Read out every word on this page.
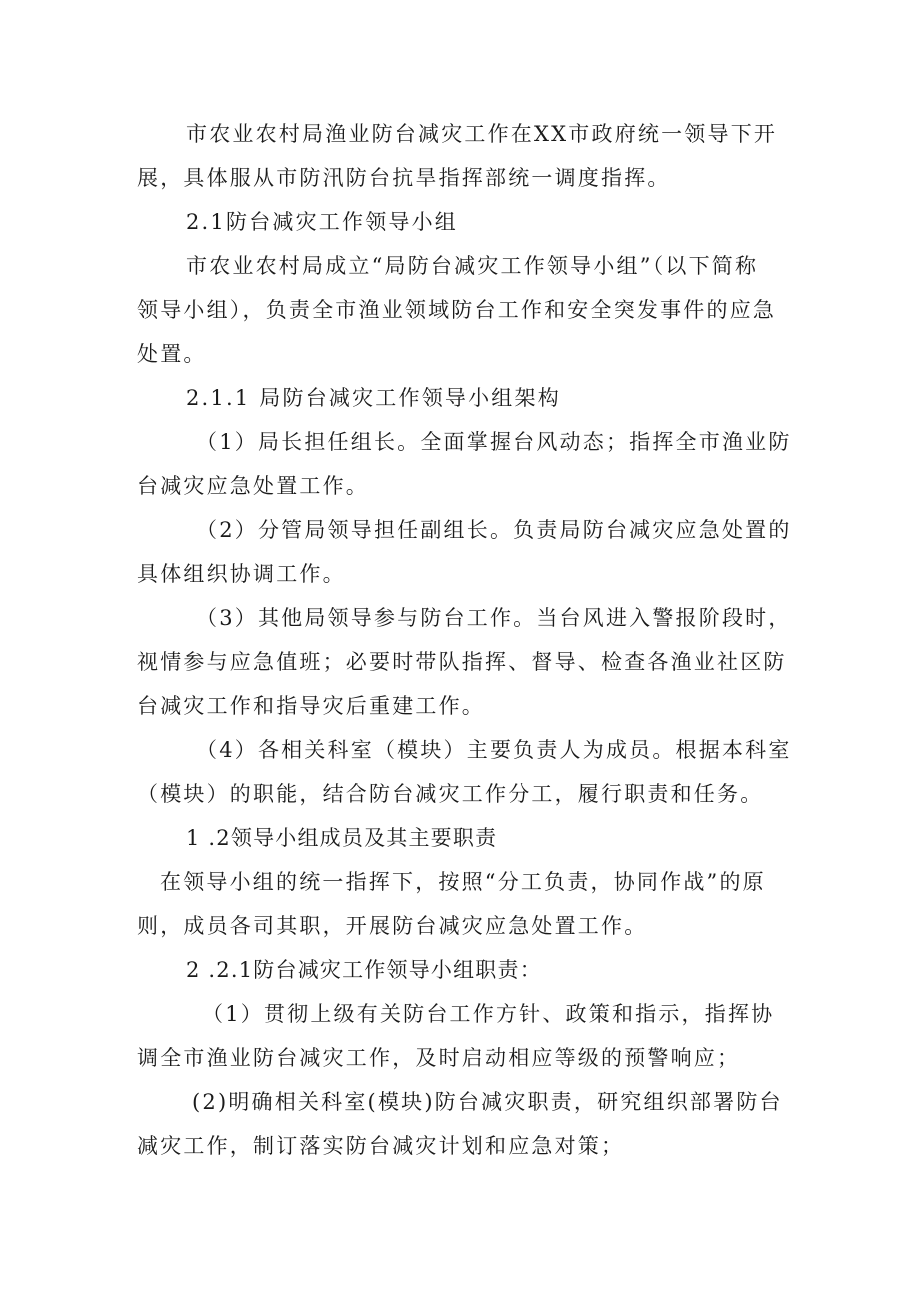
市农业农村局渔业防台减灾工作在XX市政府统一领导下开
展，具体服从市防汛防台抗旱指挥部统一调度指挥。
2.1防台减灾工作领导小组
市农业农村局成立“局防台减灾工作领导小组”（以下简称
领导小组），负责全市渔业领域防台工作和安全突发事件的应急
处置。
2.1.1 局防台减灾工作领导小组架构
（1）局长担任组长。全面掌握台风动态；指挥全市渔业防
台减灾应急处置工作。
（2）分管局领导担任副组长。负责局防台减灾应急处置的
具体组织协调工作。
（3）其他局领导参与防台工作。当台风进入警报阶段时，
视情参与应急值班；必要时带队指挥、督导、检查各渔业社区防
台减灾工作和指导灾后重建工作。
（4）各相关科室（模块）主要负责人为成员。根据本科室
（模块）的职能，结合防台减灾工作分工，履行职责和任务。
1 .2领导小组成员及其主要职责
在领导小组的统一指挥下，按照“分工负责，协同作战”的原
则，成员各司其职，开展防台减灾应急处置工作。
2 .2.1防台减灾工作领导小组职责：
（1）贯彻上级有关防台工作方针、政策和指示，指挥协
调全市渔业防台减灾工作，及时启动相应等级的预警响应；
(2)明确相关科室(模块)防台减灾职责，研究组织部署防台
减灾工作，制订落实防台减灾计划和应急对策；
